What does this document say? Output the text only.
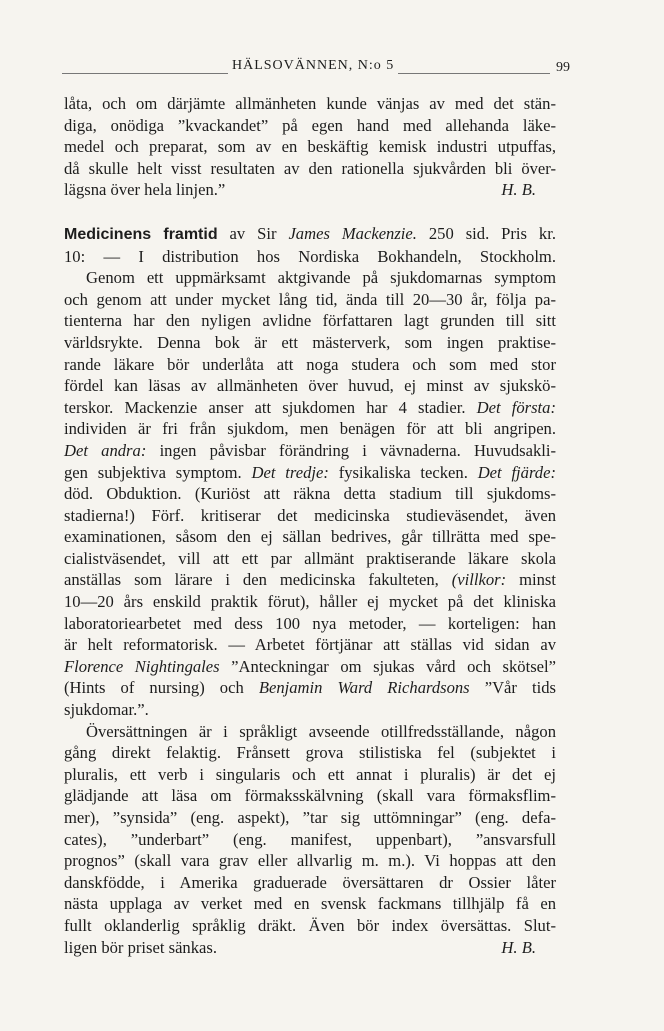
HÄLSOVÄNNEN, N:o 5	99
låta, och om därjämte allmänheten kunde vänjas av med det stän-
diga, onödiga ”kvackandet” på egen hand med allehanda läke-
medel och preparat, som av en beskäftig kemisk industri utpuffas,
då skulle helt visst resultaten av den rationella sjukvården bli över-
lägsna över hela linjen.”	H. B.
Medicinens framtid av Sir James Mackenzie. 250 sid. Pris kr.
10: — I distribution hos Nordiska Bokhandeln, Stockholm.
Genom ett uppmärksamt aktgivande på sjukdomarnas symptom
och genom att under mycket lång tid, ända till 20—30 år, följa pa-
tienterna har den nyligen avlidne författaren lagt grunden till sitt
världsrykte. Denna bok är ett mästerverk, som ingen praktise-
rande läkare bör underlåta att noga studera och som med stor
fördel kan läsas av allmänheten över huvud, ej minst av sjukskö-
terskor. Mackenzie anser att sjukdomen har 4 stadier. Det första:
individen är fri från sjukdom, men benägen för att bli angripen.
Det andra: ingen påvisbar förändring i vävnaderna. Huvudsakli-
gen subjektiva symptom. Det tredje: fysikaliska tecken. Det fjärde:
död. Obduktion. (Kuriöst att räkna detta stadium till sjukdoms-
stadierna!) Förf. kritiserar det medicinska studieväsendet, även
examinationen, såsom den ej sällan bedrives, går tillrätta med spe-
cialistväsendet, vill att ett par allmänt praktiserande läkare skola
anställas som lärare i den medicinska fakulteten, (villkor: minst
10—20 års enskild praktik förut), håller ej mycket på det kliniska
laboratoriearbetet med dess 100 nya metoder, — korteligen: han
är helt reformatorisk. — Arbetet förtjänar att ställas vid sidan av
Florence Nightingales ”Anteckningar om sjukas vård och skötsel”
(Hints of nursing) och Benjamin Ward Richardsons ”Vår tids
sjukdomar.”.
Översättningen är i språkligt avseende otillfredsställande, någon
gång direkt felaktig. Frånsett grova stilistiska fel (subjektet i
pluralis, ett verb i singularis och ett annat i pluralis) är det ej
glädjande att läsa om förmaksskälvning (skall vara förmaksflim-
mer), ”synsida” (eng. aspekt), ”tar sig uttömningar” (eng. defa-
cates), ”underbart” (eng. manifest, uppenbart), ”ansvarsfull
prognos” (skall vara grav eller allvarlig m. m.). Vi hoppas att den
danskfödde, i Amerika graduerade översättaren dr Ossier låter
nästa upplaga av verket med en svensk fackmans tillhjälp få en
fullt oklanderlig språklig dräkt. Även bör index översättas. Slut-
ligen bör priset sänkas.	H. B.
